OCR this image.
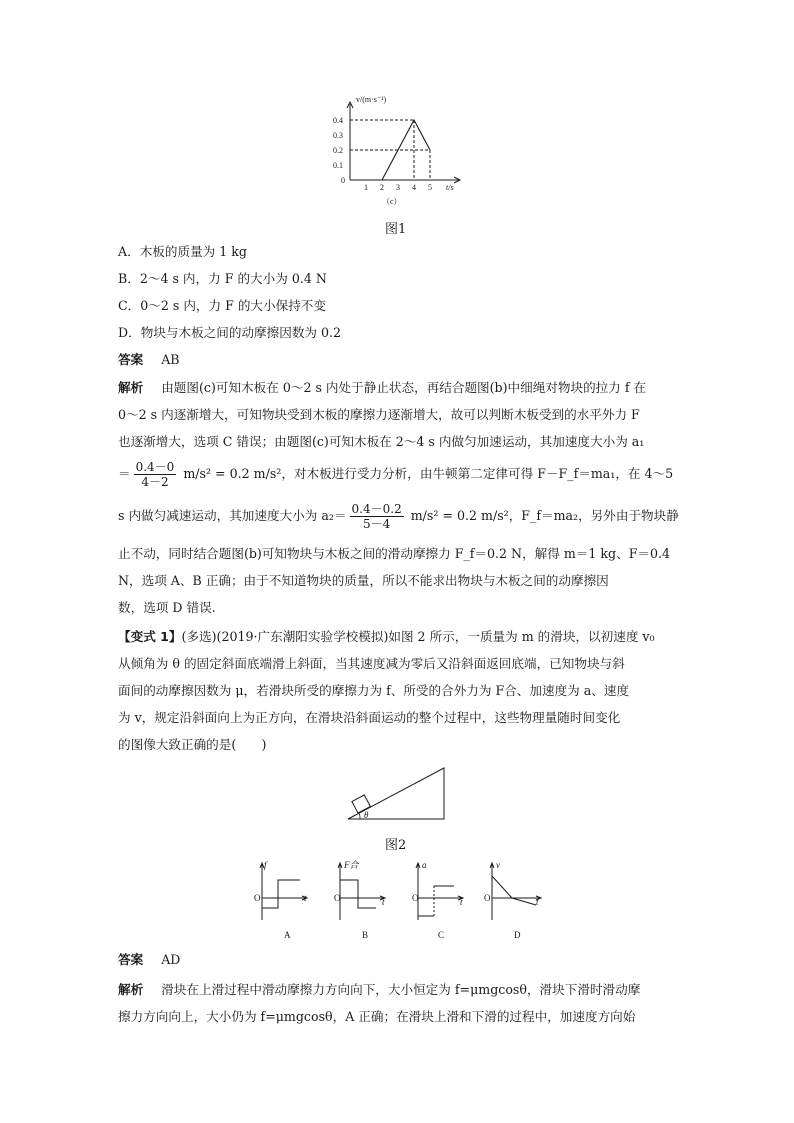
v/(m·s⁻¹)
0.4
0.3
0.2
0.1
0
1 2 3 4 5 t/s
（c）
图1
A．木板的质量为 1 kg
B．2～4 s 内，力 F 的大小为 0.4 N
C．0～2 s 内，力 F 的大小保持不变
D．物块与木板之间的动摩擦因数为 0.2
答案 AB
解析 由题图(c)可知木板在 0～2 s 内处于静止状态，再结合题图(b)中细绳对物块的拉力 f 在
0～2 s 内逐渐增大，可知物块受到木板的摩擦力逐渐增大，故可以判断木板受到的水平外力 F
也逐渐增大，选项 C 错误；由题图(c)可知木板在 2～4 s 内做匀加速运动，其加速度大小为 a₁
＝ $\frac{0.4-0}{4-2} m/s^2 = 0.2$ m/s²，对木板进行受力分析，由牛顿第二定律可得 F－F_f＝ma₁，在 4～5
s 内做匀减速运动，其加速度大小为 $a_2= \frac{0.4-0.2}{5-4} m/s^2 = 0.2$ m/s²，F_f＝ma₂，另外由于物块静
止不动，同时结合题图(b)可知物块与木板之间的滑动摩擦力 F_f＝0.2 N，解得 m＝1 kg、F＝0.4
N，选项 A、B 正确；由于不知道物块的质量，所以不能求出物块与木板之间的动摩擦因
数，选项 D 错误.
【变式 1】(多选)(2019·广东潮阳实验学校模拟)如图 2 所示，一质量为 m 的滑块，以初速度 v₀
从倾角为 θ 的固定斜面底端滑上斜面，当其速度减为零后又沿斜面返回底端，已知物块与斜
面间的动摩擦因数为 μ，若滑块所受的摩擦力为 f、所受的合外力为 F合、加速度为 a、速度
为 v，规定沿斜面向上为正方向，在滑块沿斜面运动的整个过程中，这些物理量随时间变化
的图像大致正确的是(　　)
θ
图2
O
f
t
A
O
F合
t
B
O
a
t
C
O
v
t
D
答案 AD
解析 滑块在上滑过程中滑动摩擦力方向向下，大小恒定为 f=μmgcosθ，滑块下滑时滑动摩
擦力方向向上，大小仍为 f=μmgcosθ，A 正确；在滑块上滑和下滑的过程中，加速度方向始
